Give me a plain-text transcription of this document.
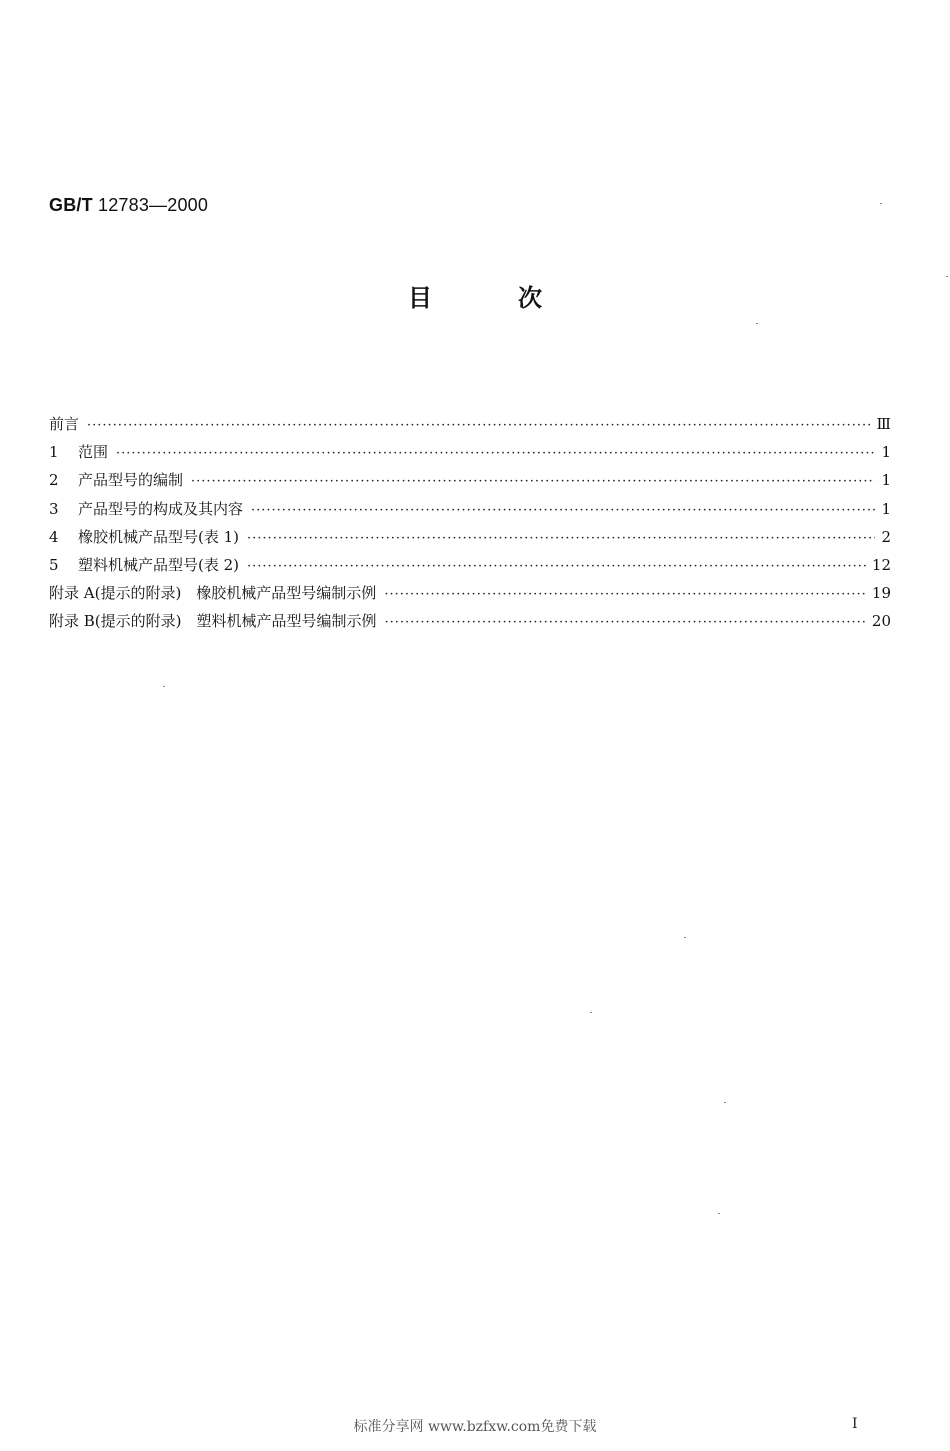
GB/T 12783—2000
目	次
前言 ·····	Ⅲ
1	范围 ·····	1
2	产品型号的编制 ·····	1
3	产品型号的构成及其内容 ·····	1
4	橡胶机械产品型号(表 1) ·····	2
5	塑料机械产品型号(表 2) ·····	12
附录 A(提示的附录)　橡胶机械产品型号编制示例 ·····	19
附录 B(提示的附录)　塑料机械产品型号编制示例 ·····	20
标准分享网 www.bzfxw.com免费下载	I
